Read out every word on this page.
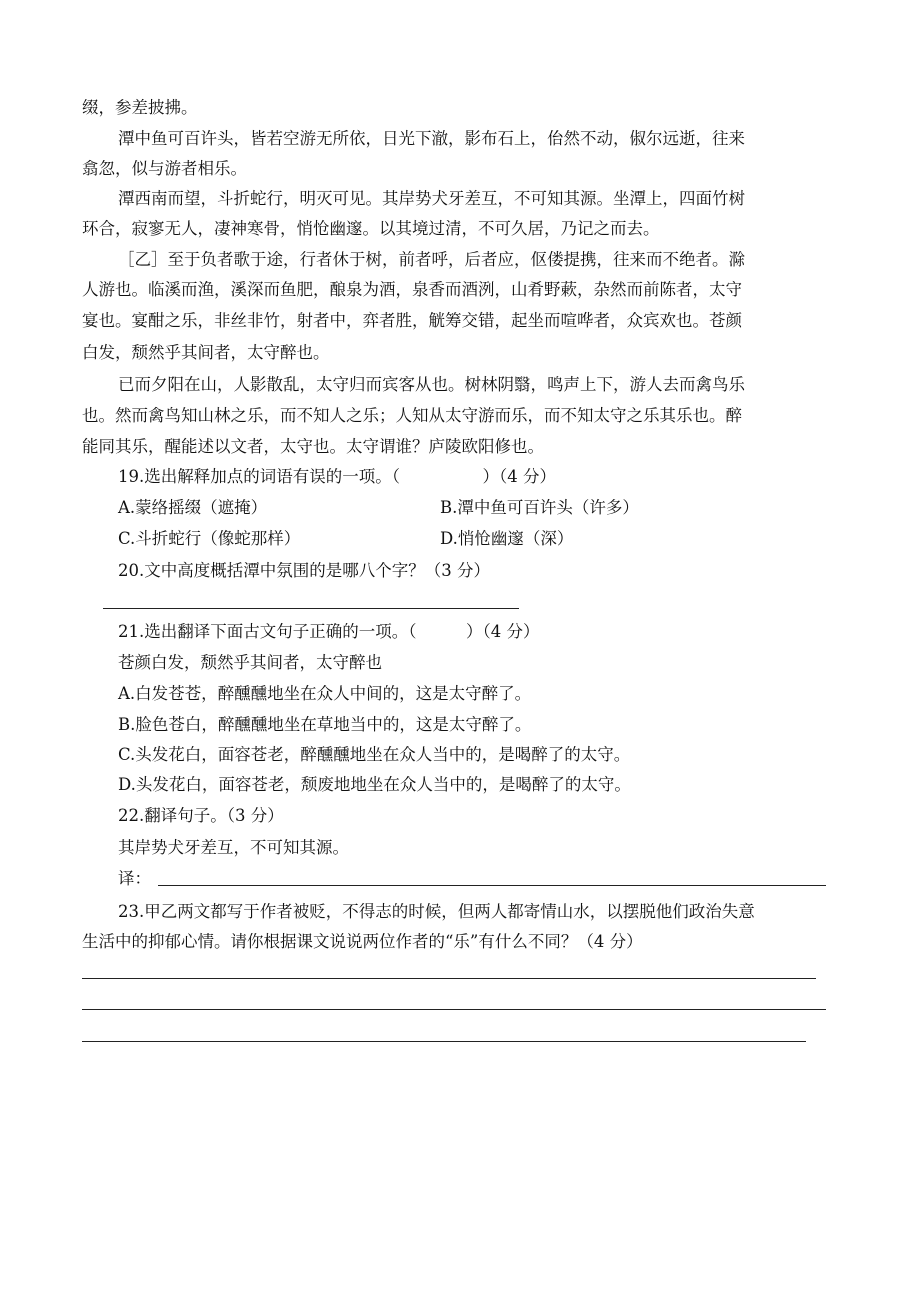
缀，参差披拂。
潭中鱼可百许头，皆若空游无所依，日光下澈，影布石上，佁然不动，俶尔远逝，往来
翕忽，似与游者相乐。
潭西南而望，斗折蛇行，明灭可见。其岸势犬牙差互，不可知其源。坐潭上，四面竹树
环合，寂寥无人，凄神寒骨，悄怆幽邃。以其境过清，不可久居，乃记之而去。
［乙］至于负者歌于途，行者休于树，前者呼，后者应，伛偻提携，往来而不绝者。滁
人游也。临溪而渔，溪深而鱼肥，酿泉为酒，泉香而酒洌，山肴野蔌，杂然而前陈者，太守
宴也。宴酣之乐，非丝非竹，射者中，弈者胜，觥筹交错，起坐而喧哗者，众宾欢也。苍颜
白发，颓然乎其间者，太守醉也。
已而夕阳在山，人影散乱，太守归而宾客从也。树林阴翳，鸣声上下，游人去而禽鸟乐
也。然而禽鸟知山林之乐，而不知人之乐；人知从太守游而乐，而不知太守之乐其乐也。醉
能同其乐，醒能述以文者，太守也。太守谓谁？庐陵欧阳修也。
19.选出解释加点的词语有误的一项。（　　　　　）（4 分）
A.蒙络摇缀（遮掩）	B.潭中鱼可百许头（许多）
C.斗折蛇行（像蛇那样）	D.悄怆幽邃（深）
20.文中高度概括潭中氛围的是哪八个字？（3 分）
21.选出翻译下面古文句子正确的一项。（　　　）（4 分）
苍颜白发，颓然乎其间者，太守醉也
A.白发苍苍，醉醺醺地坐在众人中间的，这是太守醉了。
B.脸色苍白，醉醺醺地坐在草地当中的，这是太守醉了。
C.头发花白，面容苍老，醉醺醺地坐在众人当中的，是喝醉了的太守。
D.头发花白，面容苍老，颓废地地坐在众人当中的，是喝醉了的太守。
22.翻译句子。（3 分）
其岸势犬牙差互，不可知其源。
译：
23.甲乙两文都写于作者被贬，不得志的时候，但两人都寄情山水，以摆脱他们政治失意
生活中的抑郁心情。请你根据课文说说两位作者的“乐”有什么不同？（4 分）
